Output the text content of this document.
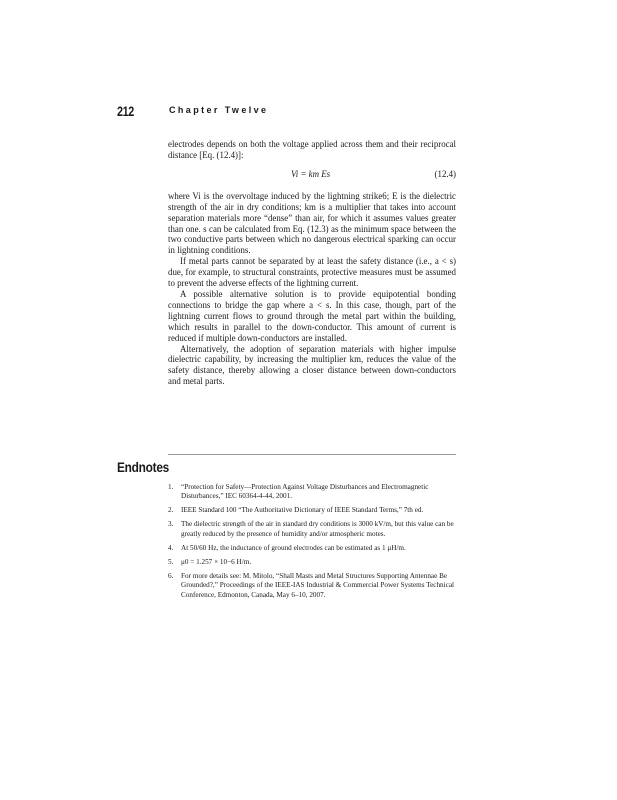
212	Chapter Twelve

electrodes depends on both the voltage applied across them and their reciprocal distance [Eq. (12.4)]:

Vi = km Es	(12.4)

where Vi is the overvoltage induced by the lightning strike6; E is the dielectric strength of the air in dry conditions; km is a multiplier that takes into account separation materials more “dense” than air, for which it assumes values greater than one. s can be calculated from Eq. (12.3) as the minimum space between the two conductive parts between which no dangerous electrical sparking can occur in lightning conditions.

If metal parts cannot be separated by at least the safety distance (i.e., a < s) due, for example, to structural constraints, protective measures must be assumed to prevent the adverse effects of the lightning current.

A possible alternative solution is to provide equipotential bonding connections to bridge the gap where a < s. In this case, though, part of the lightning current flows to ground through the metal part within the building, which results in parallel to the down-conductor. This amount of current is reduced if multiple down-conductors are installed.

Alternatively, the adoption of separation materials with higher impulse dielectric capability, by increasing the multiplier km, reduces the value of the safety distance, thereby allowing a closer distance between down-conductors and metal parts.

Endnotes
1. “Protection for Safety—Protection Against Voltage Disturbances and Electromagnetic Disturbances,” IEC 60364-4-44, 2001.
2. IEEE Standard 100 “The Authoritative Dictionary of IEEE Standard Terms,” 7th ed.
3. The dielectric strength of the air in standard dry conditions is 3000 kV/m, but this value can be greatly reduced by the presence of humidity and/or atmospheric motes.
4. At 50/60 Hz, the inductance of ground electrodes can be estimated as 1 μH/m.
5. μ0 = 1.257 × 10−6 H/m.
6. For more details see: M. Mitolo, “Shall Masts and Metal Structures Supporting Antennae Be Grounded?,” Proceedings of the IEEE-IAS Industrial & Commercial Power Systems Technical Conference, Edmonton, Canada, May 6–10, 2007.
